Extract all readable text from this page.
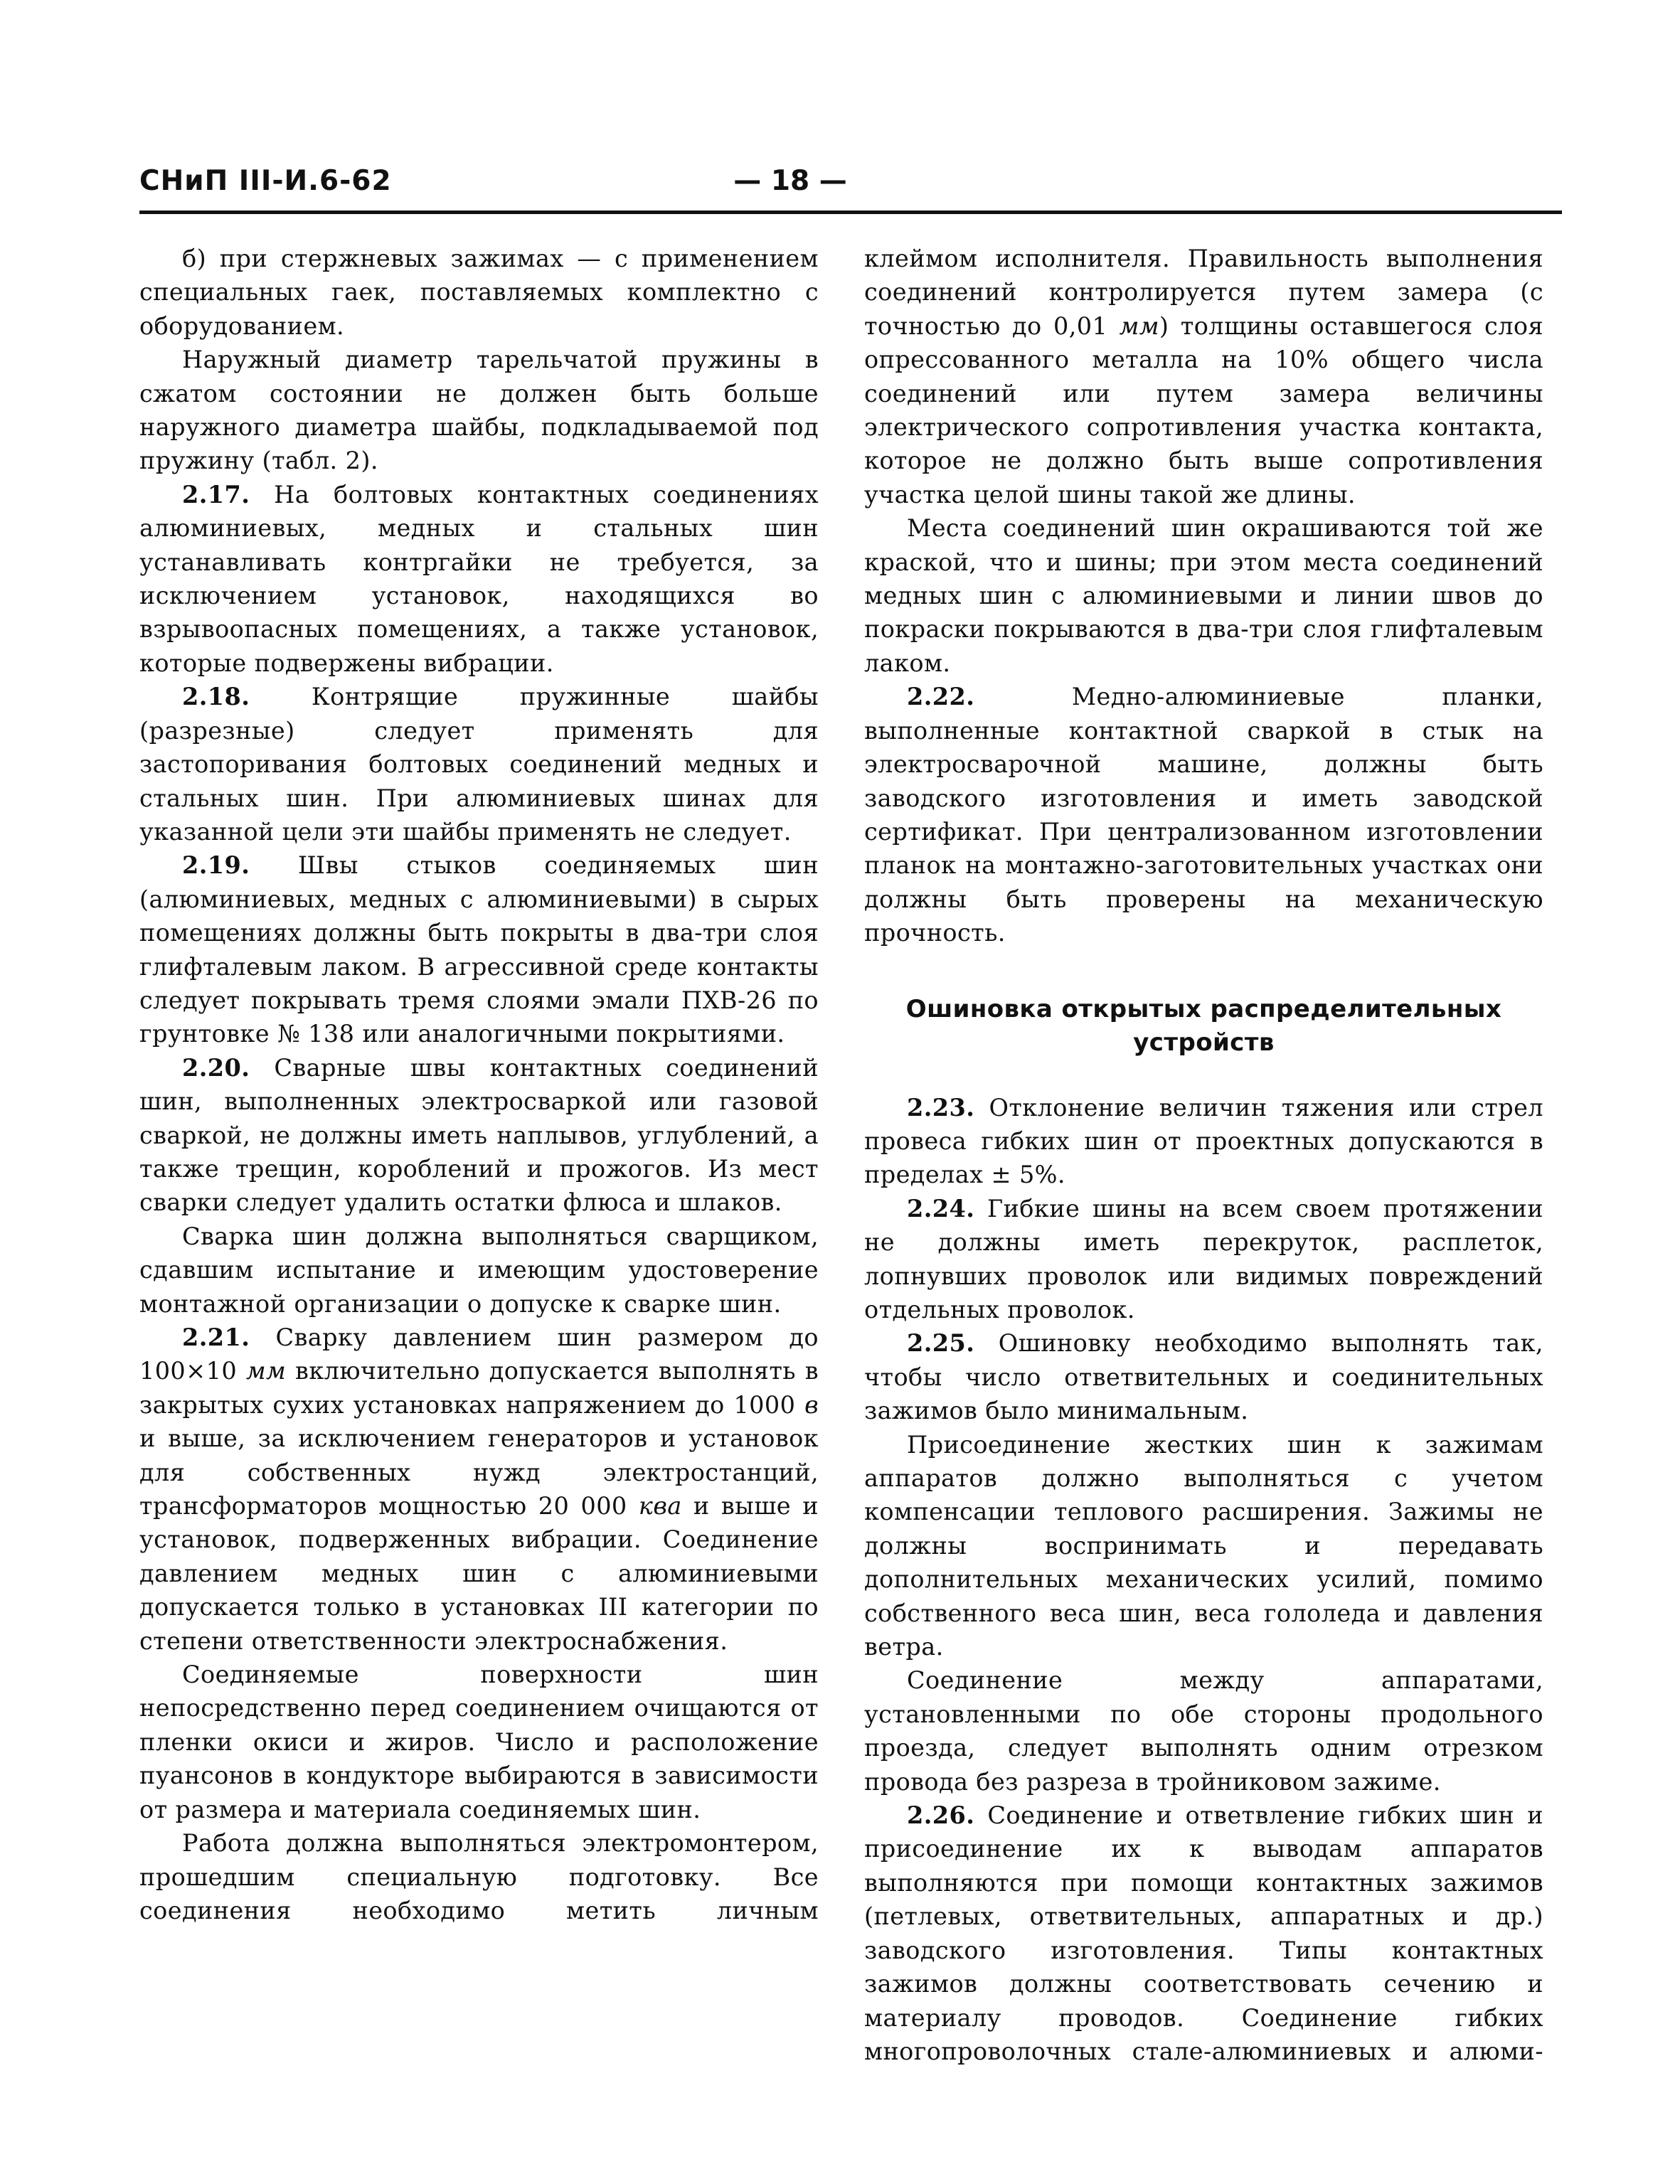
СНиП III-И.6-62	— 18 —

б) при стержневых зажимах — с применением специальных гаек, поставляемых комплектно с оборудованием.

Наружный диаметр тарельчатой пружины в сжатом состоянии не должен быть больше наружного диаметра шайбы, подкладываемой под пружину (табл. 2).

2.17. На болтовых контактных соединениях алюминиевых, медных и стальных шин устанавливать контргайки не требуется, за исключением установок, находящихся во взрывоопасных помещениях, а также установок, которые подвержены вибрации.

2.18.	Контрящие пружинные шайбы (разрезные) следует применять для застопоривания болтовых соединений медных и стальных шин. При алюминиевых шинах для указанной цели эти шайбы применять не следует.

2.19. Швы стыков соединяемых шин (алюминиевых, медных с алюминиевыми) в сырых помещениях должны быть покрыты в два-три слоя глифталевым лаком. В агрессивной среде контакты следует покрывать тремя слоями эмали ПХВ-26 по грунтовке № 138 или аналогичными покрытиями.

2.20. Сварные швы контактных соединений шин, выполненных электросваркой или газовой сваркой, не должны иметь наплывов, углублений, а также трещин, короблений и прожогов. Из мест сварки следует удалить остатки флюса и шлаков.

Сварка шин должна выполняться сварщиком, сдавшим испытание и имеющим удостоверение монтажной организации о допуске к сварке шин.

2.21. Сварку давлением шин размером до 100×10 мм включительно допускается выполнять в закрытых сухих установках напряжением до 1000 в и выше, за исключением генераторов и установок для собственных нужд электростанций, трансформаторов мощностью 20 000 ква и выше и установок, подверженных вибрации. Соединение давлением медных шин с алюминиевыми допускается только в установках III категории по степени ответственности электроснабжения.

Соединяемые поверхности шин непосредственно перед соединением очищаются от пленки окиси и жиров. Число и расположение пуансонов в кондукторе выбираются в зависимости от размера и материала соединяемых шин.

Работа должна выполняться электромонтером, прошедшим специальную подготовку. Все соединения необходимо метить личным

клеймом исполнителя. Правильность выполнения соединений контролируется путем замера (с точностью до 0,01 мм) толщины оставшегося слоя опрессованного металла на 10% общего числа соединений или путем замера величины электрического сопротивления участка контакта, которое не должно быть выше сопротивления участка целой шины такой же длины.

Места соединений шин окрашиваются той же краской, что и шины; при этом места соединений медных шин с алюминиевыми и линии швов до покраски покрываются в два-три слоя глифталевым лаком.

2.22.	Медно-алюминиевые планки, выполненные контактной сваркой в стык на электросварочной машине, должны быть заводского изготовления и иметь заводской сертификат. При централизованном изготовлении планок на монтажно-заготовительных участках они должны быть проверены на механическую прочность.

Ошиновка открытых распределительных устройств

2.23. Отклонение величин тяжения или стрел провеса гибких шин от проектных допускаются в пределах ± 5%.

2.24. Гибкие шины на всем своем протяжении не должны иметь перекруток, расплеток, лопнувших проволок или видимых повреждений отдельных проволок.

2.25. Ошиновку необходимо выполнять так, чтобы число ответвительных и соединительных зажимов было минимальным.

Присоединение жестких шин к зажимам аппаратов должно выполняться с учетом компенсации теплового расширения. Зажимы не должны воспринимать и передавать дополнительных механических усилий, помимо собственного веса шин, веса гололеда и давления ветра.

Соединение между аппаратами, установленными по обе стороны продольного проезда, следует выполнять одним отрезком провода без разреза в тройниковом зажиме.

2.26. Соединение и ответвление гибких шин и присоединение их к выводам аппаратов выполняются при помощи контактных зажимов (петлевых, ответвительных, аппаратных и др.) заводского изготовления. Типы контактных зажимов должны соответствовать сечению и материалу проводов. Соединение гибких многопроволочных сталe-алюминиевых и алюми-
